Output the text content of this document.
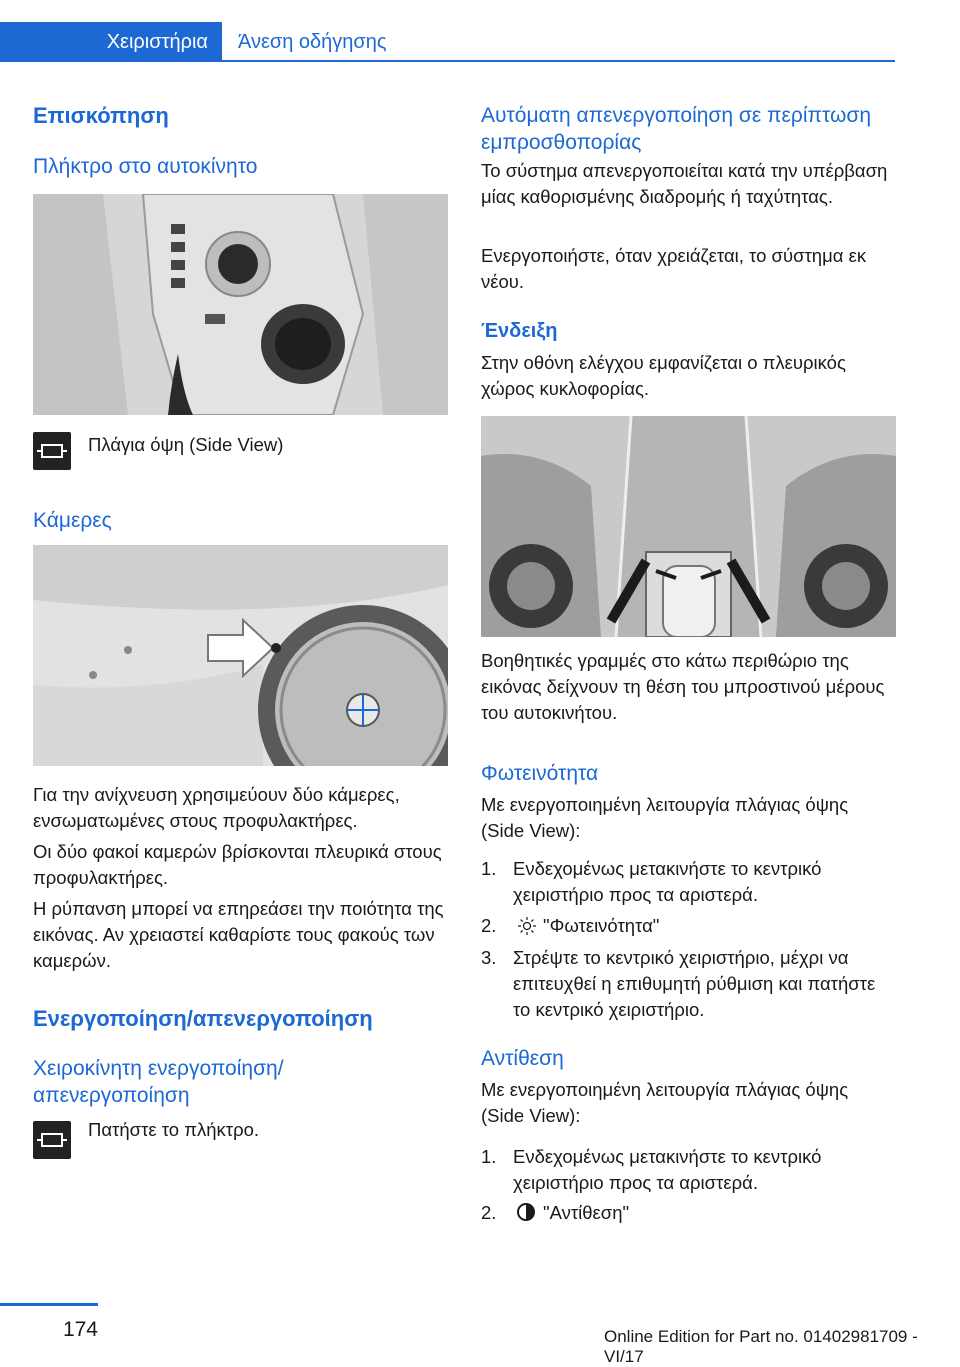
Χειριστήρια	Άνεση οδήγησης
Επισκόπηση
Πλήκτρο στο αυτοκίνητο
Πλάγια όψη (Side View)
Κάμερες
Για την ανίχνευση χρησιμεύουν δύο κάμερες, ενσωματωμένες στους προφυλακτήρες.
Οι δύο φακοί καμερών βρίσκονται πλευρικά στους προφυλακτήρες.
Η ρύπανση μπορεί να επηρεάσει την ποιότητα της εικόνας. Αν χρειαστεί καθαρίστε τους φακούς των καμερών.
Ενεργοποίηση/απενεργοποίηση
Χειροκίνητη ενεργοποίηση/απενεργοποίηση
Πατήστε το πλήκτρο.
Αυτόματη απενεργοποίηση σε περίπτωση εμπροσθοπορίας
Το σύστημα απενεργοποιείται κατά την υπέρβαση μίας καθορισμένης διαδρομής ή ταχύτητας.
Ενεργοποιήστε, όταν χρειάζεται, το σύστημα εκ νέου.
Ένδειξη
Στην οθόνη ελέγχου εμφανίζεται ο πλευρικός χώρος κυκλοφορίας.
Βοηθητικές γραμμές στο κάτω περιθώριο της εικόνας δείχνουν τη θέση του μπροστινού μέρους του αυτοκινήτου.
Φωτεινότητα
Με ενεργοποιημένη λειτουργία πλάγιας όψης (Side View):
1. Ενδεχομένως μετακινήστε το κεντρικό χειριστήριο προς τα αριστερά.
2.	"Φωτεινότητα"
3. Στρέψτε το κεντρικό χειριστήριο, μέχρι να επιτευχθεί η επιθυμητή ρύθμιση και πατήστε το κεντρικό χειριστήριο.
Αντίθεση
Με ενεργοποιημένη λειτουργία πλάγιας όψης (Side View):
1. Ενδεχομένως μετακινήστε το κεντρικό χειριστήριο προς τα αριστερά.
2.	"Αντίθεση"
174	Online Edition for Part no. 01402981709 - VI/17
